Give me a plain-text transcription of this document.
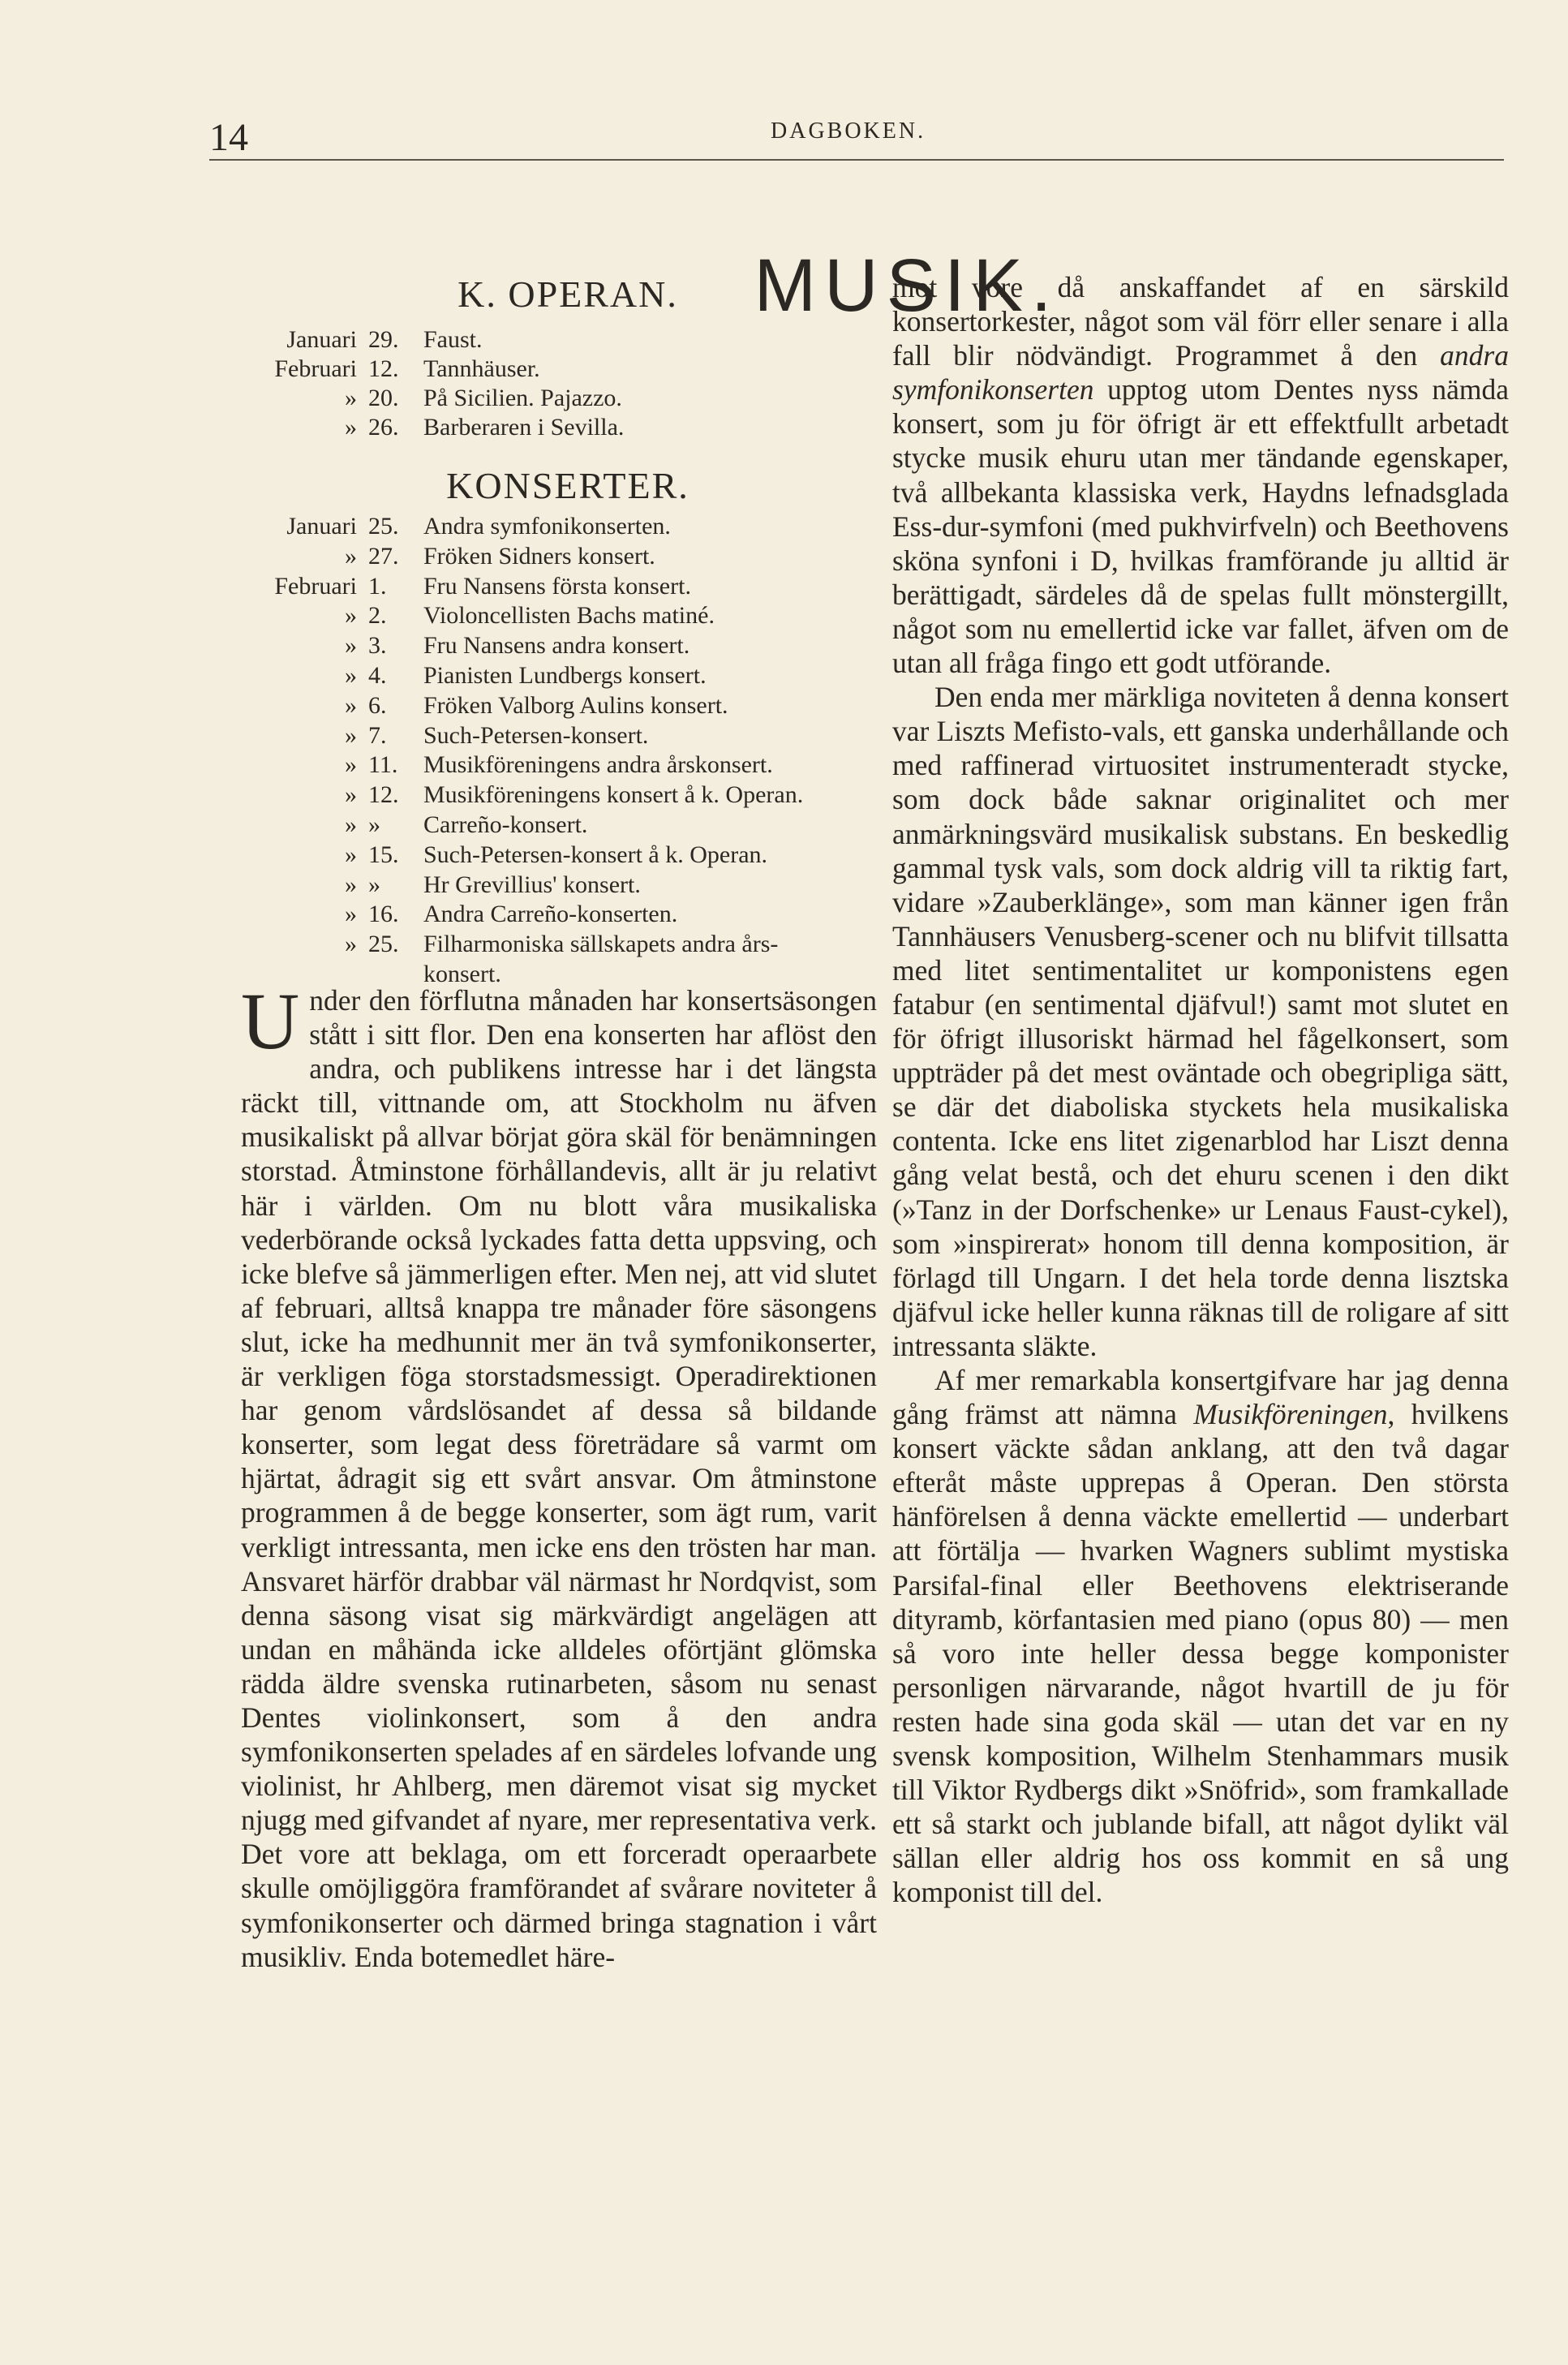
14	DAGBOKEN.
MUSIK.
K. OPERAN.
Januari 29.	Faust.
Februari 12.	Tannhäuser.
» 20.	På Sicilien. Pajazzo.
» 26.	Barberaren i Sevilla.
KONSERTER.
Januari 25.	Andra symfonikonserten.
» 27.	Fröken Sidners konsert.
Februari 1.	Fru Nansens första konsert.
» 2.	Violoncellisten Bachs matiné.
» 3.	Fru Nansens andra konsert.
» 4.	Pianisten Lundbergs konsert.
» 6.	Fröken Valborg Aulins konsert.
» 7.	Such-Petersen-konsert.
» 11.	Musikföreningens andra årskonsert.
» 12.	Musikföreningens konsert å k. Operan.
» »	Carreño-konsert.
» 15.	Such-Petersen-konsert å k. Operan.
» »	Hr Grevillius' konsert.
» 16.	Andra Carreño-konserten.
» 25.	Filharmoniska sällskapets andra års-
konsert.

Under den förflutna månaden har konsertsäsongen stått i sitt flor. Den ena konserten har aflöst den andra, och publikens intresse har i det längsta räckt till, vittnande om, att Stockholm nu äfven musikaliskt på allvar börjat göra skäl för benämningen storstad. Åtminstone förhållandevis, allt är ju relativt här i världen. Om nu blott våra musikaliska vederbörande också lyckades fatta detta uppsving, och icke blefve så jämmerligen efter. Men nej, att vid slutet af februari, alltså knappa tre månader före säsongens slut, icke ha medhunnit mer än två symfonikonserter, är verkligen föga storstadsmessigt. Operadirektionen har genom vårdslösandet af dessa så bildande konserter, som legat dess företrädare så varmt om hjärtat, ådragit sig ett svårt ansvar. Om åtminstone programmen å de begge konserter, som ägt rum, varit verkligt intressanta, men icke ens den trösten har man. Ansvaret härför drabbar väl närmast hr Nordqvist, som denna säsong visat sig märkvärdigt angelägen att undan en måhända icke alldeles oförtjänt glömska rädda äldre svenska rutinarbeten, såsom nu senast Dentes violinkonsert, som å den andra symfonikonserten spelades af en särdeles lofvande ung violinist, hr Ahlberg, men däremot visat sig mycket njugg med gifvandet af nyare, mer representativa verk. Det vore att beklaga, om ett forceradt operaarbete skulle omöjliggöra framförandet af svårare noviteter å symfonikonserter och därmed bringa stagnation i vårt musikliv. Enda botemedlet häre-

mot vore då anskaffandet af en särskild konsertorkester, något som väl förr eller senare i alla fall blir nödvändigt. Programmet å den andra symfonikonserten upptog utom Dentes nyss nämda konsert, som ju för öfrigt är ett effektfullt arbetadt stycke musik ehuru utan mer tändande egenskaper, två allbekanta klassiska verk, Haydns lefnadsglada Ess-dur-symfoni (med pukhvirfveln) och Beethovens sköna synfoni i D, hvilkas framförande ju alltid är berättigadt, särdeles då de spelas fullt mönstergillt, något som nu emellertid icke var fallet, äfven om de utan all fråga fingo ett godt utförande.

Den enda mer märkliga noviteten å denna konsert var Liszts Mefisto-vals, ett ganska underhållande och med raffinerad virtuositet instrumenteradt stycke, som dock både saknar originalitet och mer anmärkningsvärd musikalisk substans. En beskedlig gammal tysk vals, som dock aldrig vill ta riktig fart, vidare »Zauberklänge», som man känner igen från Tannhäusers Venusberg-scener och nu blifvit tillsatta med litet sentimentalitet ur komponistens egen fatabur (en sentimental djäfvul!) samt mot slutet en för öfrigt illusoriskt härmad hel fågelkonsert, som uppträder på det mest oväntade och obegripliga sätt, se där det diaboliska styckets hela musikaliska contenta. Icke ens litet zigenarblod har Liszt denna gång velat bestå, och det ehuru scenen i den dikt (»Tanz in der Dorfschenke» ur Lenaus Faust-cykel), som »inspirerat» honom till denna komposition, är förlagd till Ungarn. I det hela torde denna lisztska djäfvul icke heller kunna räknas till de roligare af sitt intressanta släkte.

Af mer remarkabla konsertgifvare har jag denna gång främst att nämna Musikföreningen, hvilkens konsert väckte sådan anklang, att den två dagar efteråt måste upprepas å Operan. Den största hänförelsen å denna väckte emellertid — underbart att förtälja — hvarken Wagners sublimt mystiska Parsifal-final eller Beethovens elektriserande dityramb, körfantasien med piano (opus 80) — men så voro inte heller dessa begge komponister personligen närvarande, något hvartill de ju för resten hade sina goda skäl — utan det var en ny svensk komposition, Wilhelm Stenhammars musik till Viktor Rydbergs dikt »Snöfrid», som framkallade ett så starkt och jublande bifall, att något dylikt väl sällan eller aldrig hos oss kommit en så ung komponist till del.
